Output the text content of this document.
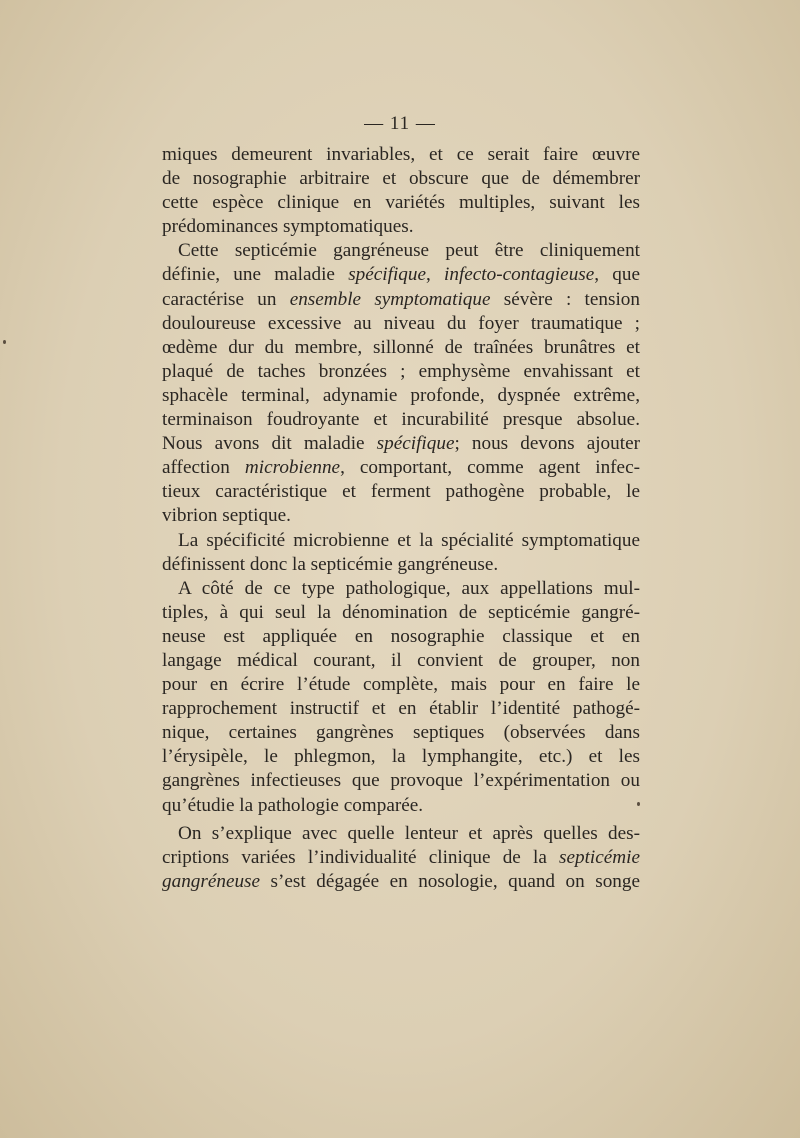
— 11 —
miques demeurent invariables, et ce serait faire œuvre
de nosographie arbitraire et obscure que de démembrer
cette espèce clinique en variétés multiples, suivant les
prédominances symptomatiques.
Cette septicémie gangréneuse peut être cliniquement
définie, une maladie spécifique, infecto-contagieuse, que
caractérise un ensemble symptomatique sévère : tension
douloureuse excessive au niveau du foyer traumatique ;
œdème dur du membre, sillonné de traînées brunâtres et
plaqué de taches bronzées ; emphysème envahissant et
sphacèle terminal, adynamie profonde, dyspnée extrême,
terminaison foudroyante et incurabilité presque absolue.
Nous avons dit maladie spécifique; nous devons ajouter
affection microbienne, comportant, comme agent infec-
tieux caractéristique et ferment pathogène probable, le
vibrion septique.
La spécificité microbienne et la spécialité symptomatique
définissent donc la septicémie gangréneuse.
A côté de ce type pathologique, aux appellations mul-
tiples, à qui seul la dénomination de septicémie gangré-
neuse est appliquée en nosographie classique et en
langage médical courant, il convient de grouper, non
pour en écrire l’étude complète, mais pour en faire le
rapprochement instructif et en établir l’identité pathogé-
nique, certaines gangrènes septiques (observées dans
l’érysipèle, le phlegmon, la lymphangite, etc.) et les
gangrènes infectieuses que provoque l’expérimentation ou
qu’étudie la pathologie comparée.
On s’explique avec quelle lenteur et après quelles des-
criptions variées l’individualité clinique de la septicémie
gangréneuse s’est dégagée en nosologie, quand on songe
